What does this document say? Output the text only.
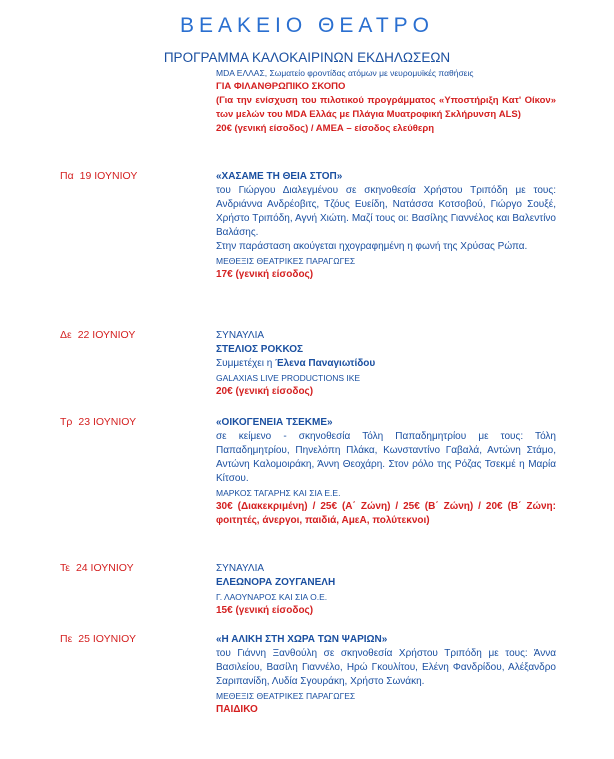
ΒΕΑΚΕΙΟ ΘΕΑΤΡΟ
ΠΡΟΓΡΑΜΜΑ ΚΑΛΟΚΑΙΡΙΝΩΝ ΕΚΔΗΛΩΣΕΩΝ
MDA ΕΛΛΑΣ, Σωματείο φροντίδας ατόμων με νευρομυϊκές παθήσεις
ΓΙΑ ΦΙΛΑΝΘΡΩΠΙΚΟ ΣΚΟΠΟ
(Για την ενίσχυση του πιλοτικού προγράμματος «Υποστήριξη Κατ' Οίκον» των μελών του MDA Ελλάς με Πλάγια Μυατροφική Σκλήρυνση ALS)
20€ (γενική είσοδος) / ΑΜΕΑ – είσοδος ελεύθερη
Πα 19 ΙΟΥΝΙΟΥ	«ΧΑΣΑΜΕ ΤΗ ΘΕΙΑ ΣΤΟΠ»
του Γιώργου Διαλεγμένου σε σκηνοθεσία Χρήστου Τριπόδη με τους: Ανδριάννα Ανδρέοβιτς, Τζόυς Ευείδη, Νατάσσα Κοτσοβού, Γιώργο Σουξέ, Χρήστο Τριπόδη, Αγνή Χιώτη. Μαζί τους οι: Βασίλης Γιαννέλος και Βαλεντίνο Βαλάσης.
Στην παράσταση ακούγεται ηχογραφημένη η φωνή της Χρύσας Ρώπα.
ΜΕΘΕΞΙΣ ΘΕΑΤΡΙΚΕΣ ΠΑΡΑΓΩΓΕΣ
17€ (γενική είσοδος)
Δε 22 ΙΟΥΝΙΟΥ	ΣΥΝΑΥΛΙΑ
ΣΤΕΛΙΟΣ ΡΟΚΚΟΣ
Συμμετέχει η Έλενα Παναγιωτίδου
GALAXIAS LIVE PRODUCTIONS IKE
20€ (γενική είσοδος)
Τρ 23 ΙΟΥΝΙΟΥ	«ΟΙΚΟΓΕΝΕΙΑ ΤΣΕΚΜΕ»
σε κείμενο - σκηνοθεσία Τόλη Παπαδημητρίου με τους: Τόλη Παπαδημητρίου, Πηνελόπη Πλάκα, Κωνσταντίνο Γαβαλά, Αντώνη Στάμο, Αντώνη Καλομοιράκη, Άννη Θεοχάρη. Στον ρόλο της Ρόζας Τσεκμέ η Μαρία Κίτσου.
ΜΑΡΚΟΣ ΤΑΓΑΡΗΣ ΚΑΙ ΣΙΑ Ε.Ε.
30€ (Διακεκριμένη) / 25€ (Α΄ Ζώνη) / 25€ (Β΄ Ζώνη) / 20€ (Β΄ Ζώνη: φοιτητές, άνεργοι, παιδιά, ΑμεΑ, πολύτεκνοι)
Τε 24 ΙΟΥΝΙΟΥ	ΣΥΝΑΥΛΙΑ
ΕΛΕΩΝΟΡΑ ΖΟΥΓΑΝΕΛΗ
Γ. ΛΑΟΥΝΑΡΟΣ ΚΑΙ ΣΙΑ Ο.Ε.
15€ (γενική είσοδος)
Πε 25 ΙΟΥΝΙΟΥ	«Η ΑΛΙΚΗ ΣΤΗ ΧΩΡΑ ΤΩΝ ΨΑΡΙΩΝ»
του Γιάννη Ξανθούλη σε σκηνοθεσία Χρήστου Τριπόδη με τους: Άννα Βασιλείου, Βασίλη Γιαννέλο, Ηρώ Γκουλίτου, Ελένη Φανδρίδου, Αλέξανδρο Σαριπανίδη, Λυδία Σγουράκη, Χρήστο Σωνάκη.
ΜΕΘΕΞΙΣ ΘΕΑΤΡΙΚΕΣ ΠΑΡΑΓΩΓΕΣ
ΠΑΙΔΙΚΟ
